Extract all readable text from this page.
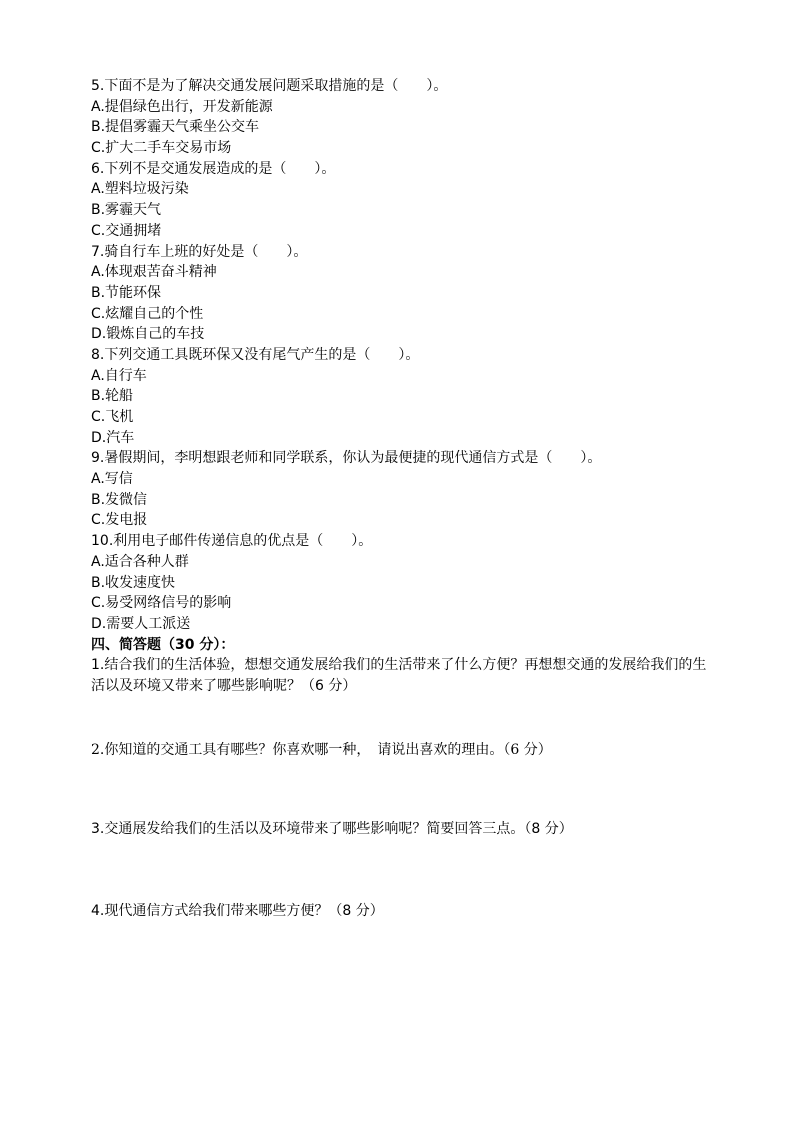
5.下面不是为了解决交通发展问题采取措施的是（　　）。
A.提倡绿色出行，开发新能源
B.提倡雾霾天气乘坐公交车
C.扩大二手车交易市场
6.下列不是交通发展造成的是（　　）。
A.塑料垃圾污染
B.雾霾天气
C.交通拥堵
7.骑自行车上班的好处是（　　）。
A.体现艰苦奋斗精神
B.节能环保
C.炫耀自己的个性
D.锻炼自己的车技
8.下列交通工具既环保又没有尾气产生的是（　　）。
A.自行车
B.轮船
C.飞机
D.汽车
9.暑假期间，李明想跟老师和同学联系，你认为最便捷的现代通信方式是（　　）。
A.写信
B.发微信
C.发电报
10.利用电子邮件传递信息的优点是（　　）。
A.适合各种人群
B.收发速度快
C.易受网络信号的影响
D.需要人工派送
四、简答题（30 分）：
1.结合我们的生活体验，想想交通发展给我们的生活带来了什么方便？再想想交通的发展给我们的生活以及环境又带来了哪些影响呢？（6 分）
2.你知道的交通工具有哪些？你喜欢哪一种，　请说出喜欢的理由。（6 分）
3.交通展发给我们的生活以及环境带来了哪些影响呢？简要回答三点。（8 分）
4.现代通信方式给我们带来哪些方便？（8 分）
